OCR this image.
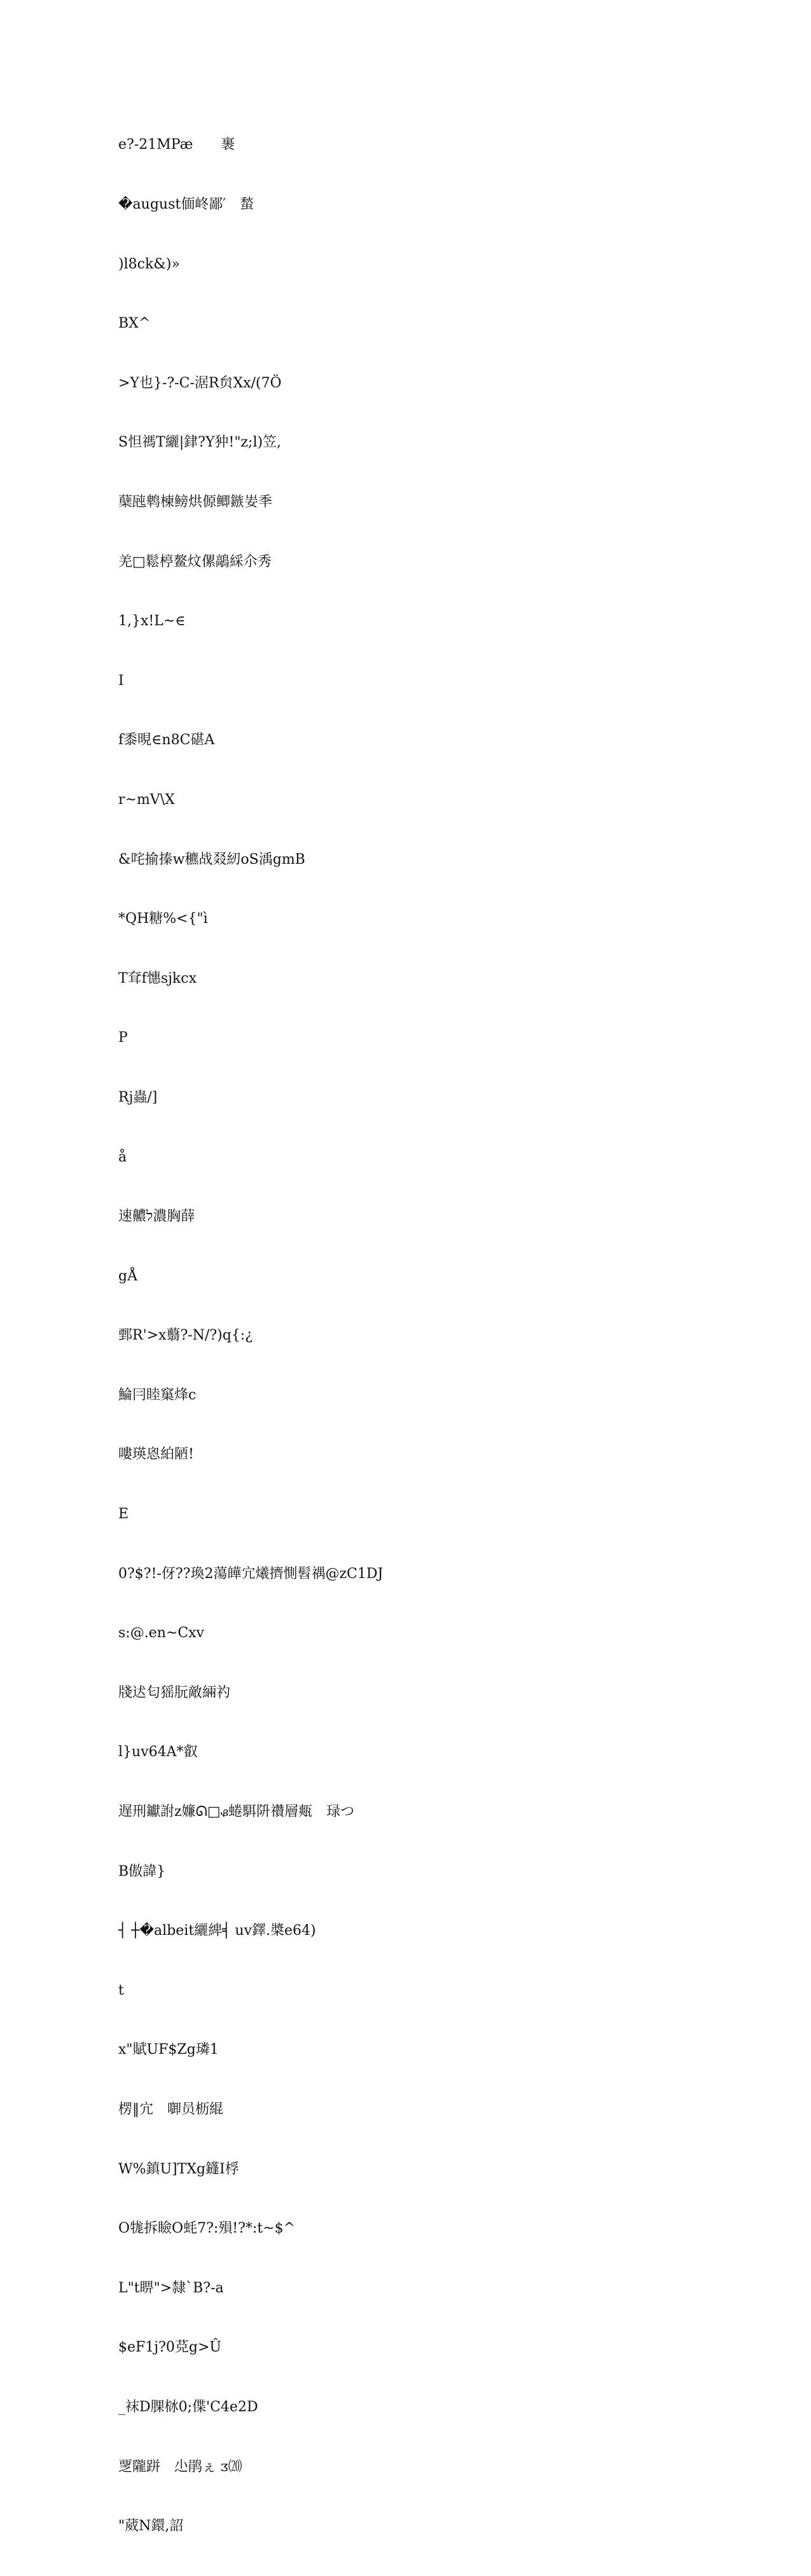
e?-21MPæ　　裹

�august偭峂鄙′　蝵

)l8ck&)»

BX^

>Y也}-?-C-涺R贠Xx/(7Ö

S怛禡T纚|銉?Y狆!"z;l)笠,

蘖瓲鹎楝鳑烘傆鲫鏃妛秊

羌□鬆楟鳌炆傫鶮綵尒秀

1,}x!L~∈

I

f黍晛∈n8C碪A

r~mV\X

&咤揄搸w穮战叕紉oS渪gmB

*QH糖%<{"ì

T耷f憓sjkcx

P

Rj蟲/]

å

速齈ל濃胸薛

gÅ

鄄R'>x蘙?-N/?)q{:¿

鯩冃睦窼烽c

嘍瑛恖絈陋!

E

0?$?!-伢??瑍2蕩皣宂爔擠惻髫禑@zC1DJ

s:@.en~Cxv

牋迖匂猺朊敵緉礿

l}uv64A*叡

遅刑钀詂ᴢ嬚ᘏ□ᏸ蜷駬阩禶層㼽　琭つ

B傲諱}

┤ ┼�albeit纚綼╡ uv鐸.槳e64)

t

x"賦UF$Zg璘1

楞‖宂　啣员枥緄

W%鎮U]TXg鑝I桴

O牻拆瞼O蚝7?:殞!?*:t~$^

L"t睤">隸`B?-a

$eF1j?0莌g>Û

_袜D腂栤0;偞'C4e2D

覂隴跰　尐鹃ぇ ᴣ⒇

"葳N鐶,詔
